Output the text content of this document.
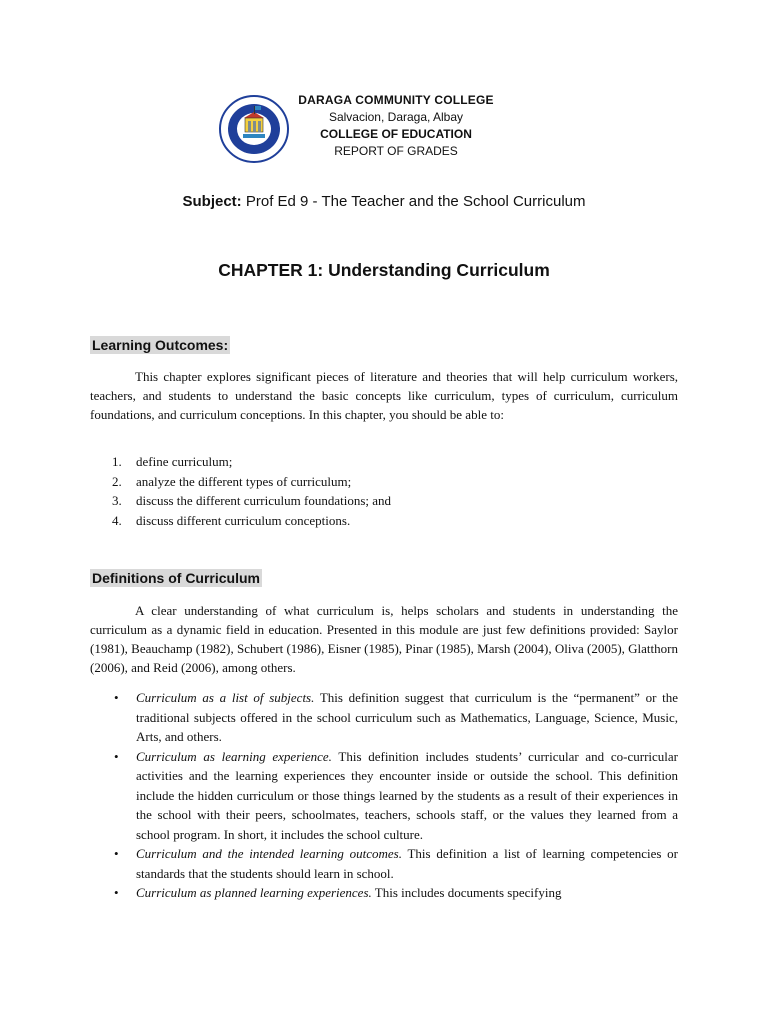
DARAGA COMMUNITY COLLEGE
Salvacion, Daraga, Albay
COLLEGE OF EDUCATION
REPORT OF GRADES
Subject: Prof Ed 9 - The Teacher and the School Curriculum
CHAPTER 1: Understanding Curriculum
Learning Outcomes:

This chapter explores significant pieces of literature and theories that will help curriculum workers, teachers, and students to understand the basic concepts like curriculum, types of curriculum, curriculum foundations, and curriculum conceptions. In this chapter, you should be able to:

1. define curriculum;
2. analyze the different types of curriculum;
3. discuss the different curriculum foundations; and
4. discuss different curriculum conceptions.
Definitions of Curriculum

A clear understanding of what curriculum is, helps scholars and students in understanding the curriculum as a dynamic field in education. Presented in this module are just few definitions provided: Saylor (1981), Beauchamp (1982), Schubert (1986), Eisner (1985), Pinar (1985), Marsh (2004), Oliva (2005), Glatthorn (2006), and Reid (2006), among others.

• Curriculum as a list of subjects. This definition suggest that curriculum is the “permanent” or the traditional subjects offered in the school curriculum such as Mathematics, Language, Science, Music, Arts, and others.
• Curriculum as learning experience. This definition includes students’ curricular and co-curricular activities and the learning experiences they encounter inside or outside the school. This definition include the hidden curriculum or those things learned by the students as a result of their experiences in the school with their peers, schoolmates, teachers, schools staff, or the values they learned from a school program. In short, it includes the school culture.
• Curriculum and the intended learning outcomes. This definition a list of learning competencies or standards that the students should learn in school.
• Curriculum as planned learning experiences. This includes documents specifying
